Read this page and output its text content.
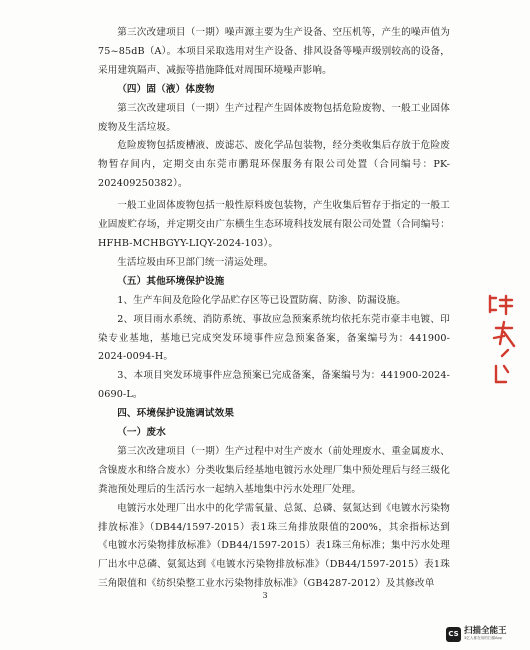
第三次改建项目（一期）噪声源主要为生产设备、空压机等，产生的噪声值为75~85dB（A）。本项目采取选用对生产设备、排风设备等噪声级别较高的设备，采用建筑隔声、减振等措施降低对周围环境噪声影响。

（四）固（液）体废物

第三次改建项目（一期）生产过程产生固体废物包括危险废物、一般工业固体废物及生活垃圾。

危险废物包括废槽液、废滤芯、废化学品包装物，经分类收集后存放于危险废物暂存间内，定期交由东莞市鹏琨环保服务有限公司处置（合同编号：PK-202409250382）。

一般工业固体废物包括一般性原料废包装物，产生收集后暂存于指定的一般工业固废贮存场，并定期交由广东横生生态环境科技发展有限公司处置（合同编号：HFHB-MCHBGYY-LIQY-2024-103）。

生活垃圾由环卫部门统一清运处理。

（五）其他环境保护设施

1、生产车间及危险化学品贮存区等已设置防腐、防渗、防漏设施。

2、项目雨水系统、消防系统、事故应急预案系统均依托东莞市豪丰电镀、印染专业基地，基地已完成突发环境事件应急预案备案，备案编号为：441900-2024-0094-H。

3、本项目突发环境事件应急预案已完成备案，备案编号为：441900-2024-0690-L。

四、环境保护设施调试效果

（一）废水

第三次改建项目（一期）生产过程中对生产废水（前处理废水、重金属废水、含镍废水和络合废水）分类收集后经基地电镀污水处理厂集中预处理后与经三级化粪池预处理后的生活污水一起纳入基地集中污水处理厂处理。

电镀污水处理厂出水中的化学需氧量、总氮、总磷、氨氮达到《电镀水污染物排放标准》（DB44/1597-2015）表1珠三角排放限值的200%，其余指标达到《电镀水污染物排放标准》（DB44/1597-2015）表1珠三角标准；集中污水处理厂出水中总磷、氨氮达到《电镀水污染物排放标准》（DB44/1597-2015）表1珠三角限值和《纺织染整工业水污染物排放标准》（GB4287-2012）及其修改单

3
CS 扫描全能王
3亿人都在用的扫描App
